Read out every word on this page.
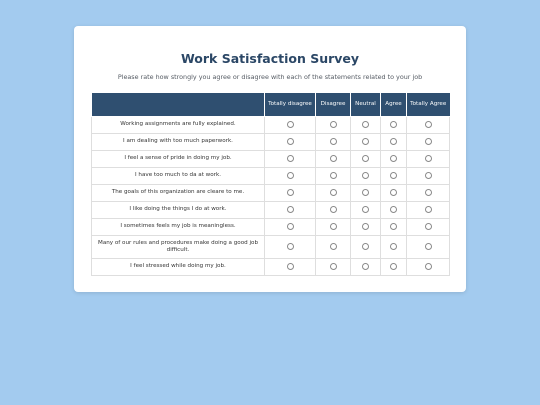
Work Satisfaction Survey

Please rate how strongly you agree or disagree with each of the statements related to your job

	Totally disagree	Disagree	Neutral	Agree	Totally Agree
Working assignments are fully explained.					
I am dealing with too much paperwork.					
I feel a sense of pride in doing my job.					
I have too much to da at work.					
The goals of this organization are cleare to me.					
I like doing the things I do at work.					
I sometimes feels my job is meaningless.					
Many of our rules and procedures make doing a good job difficult.					
I feel stressed while doing my job.					
